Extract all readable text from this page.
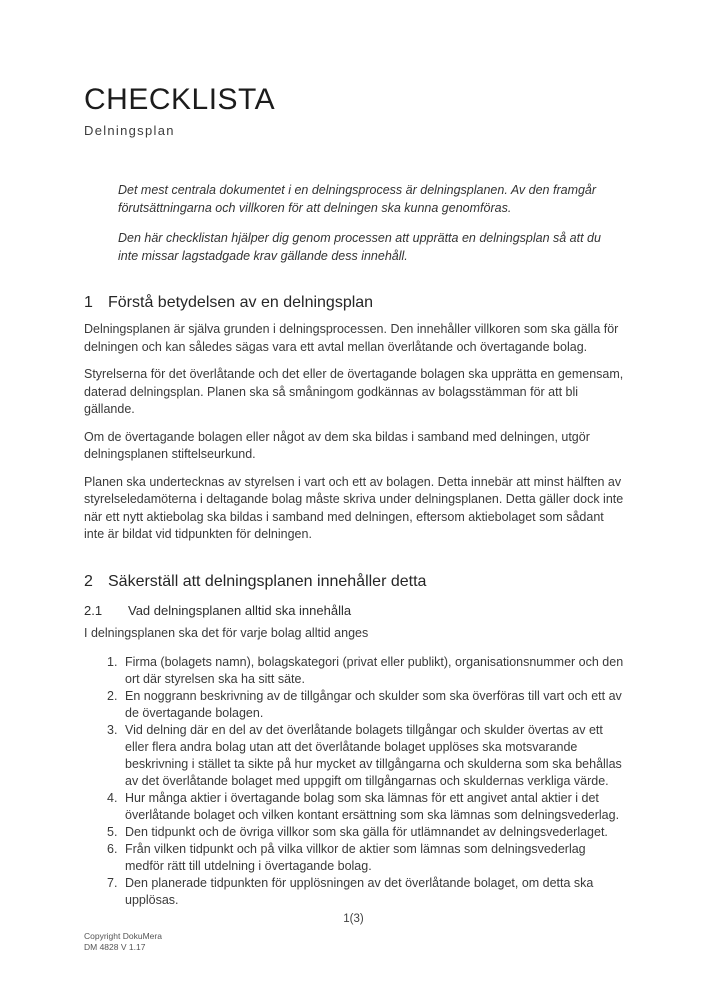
CHECKLISTA
Delningsplan

Det mest centrala dokumentet i en delningsprocess är delningsplanen. Av den framgår förutsättningarna och villkoren för att delningen ska kunna genomföras.

Den här checklistan hjälper dig genom processen att upprätta en delningsplan så att du inte missar lagstadgade krav gällande dess innehåll.

1 Förstå betydelsen av en delningsplan

Delningsplanen är själva grunden i delningsprocessen. Den innehåller villkoren som ska gälla för delningen och kan således sägas vara ett avtal mellan överlåtande och övertagande bolag.

Styrelserna för det överlåtande och det eller de övertagande bolagen ska upprätta en gemensam, daterad delningsplan. Planen ska så småningom godkännas av bolagsstämman för att bli gällande.

Om de övertagande bolagen eller något av dem ska bildas i samband med delningen, utgör delningsplanen stiftelseurkund.

Planen ska undertecknas av styrelsen i vart och ett av bolagen. Detta innebär att minst hälften av styrelseledamöterna i deltagande bolag måste skriva under delningsplanen. Detta gäller dock inte när ett nytt aktiebolag ska bildas i samband med delningen, eftersom aktiebolaget som sådant inte är bildat vid tidpunkten för delningen.

2 Säkerställ att delningsplanen innehåller detta
2.1	Vad delningsplanen alltid ska innehålla

I delningsplanen ska det för varje bolag alltid anges

1. Firma (bolagets namn), bolagskategori (privat eller publikt), organisationsnummer och den ort där styrelsen ska ha sitt säte.
2. En noggrann beskrivning av de tillgångar och skulder som ska överföras till vart och ett av de övertagande bolagen.
3. Vid delning där en del av det överlåtande bolagets tillgångar och skulder övertas av ett eller flera andra bolag utan att det överlåtande bolaget upplöses ska motsvarande beskrivning i stället ta sikte på hur mycket av tillgångarna och skulderna som ska behållas av det överlåtande bolaget med uppgift om tillgångarnas och skuldernas verkliga värde.
4. Hur många aktier i övertagande bolag som ska lämnas för ett angivet antal aktier i det överlåtande bolaget och vilken kontant ersättning som ska lämnas som delningsvederlag.
5. Den tidpunkt och de övriga villkor som ska gälla för utlämnandet av delningsvederlaget.
6. Från vilken tidpunkt och på vilka villkor de aktier som lämnas som delningsvederlag medför rätt till utdelning i övertagande bolag.
7. Den planerade tidpunkten för upplösningen av det överlåtande bolaget, om detta ska upplösas.
1(3)
Copyright DokuMera
DM 4828 V 1.17
